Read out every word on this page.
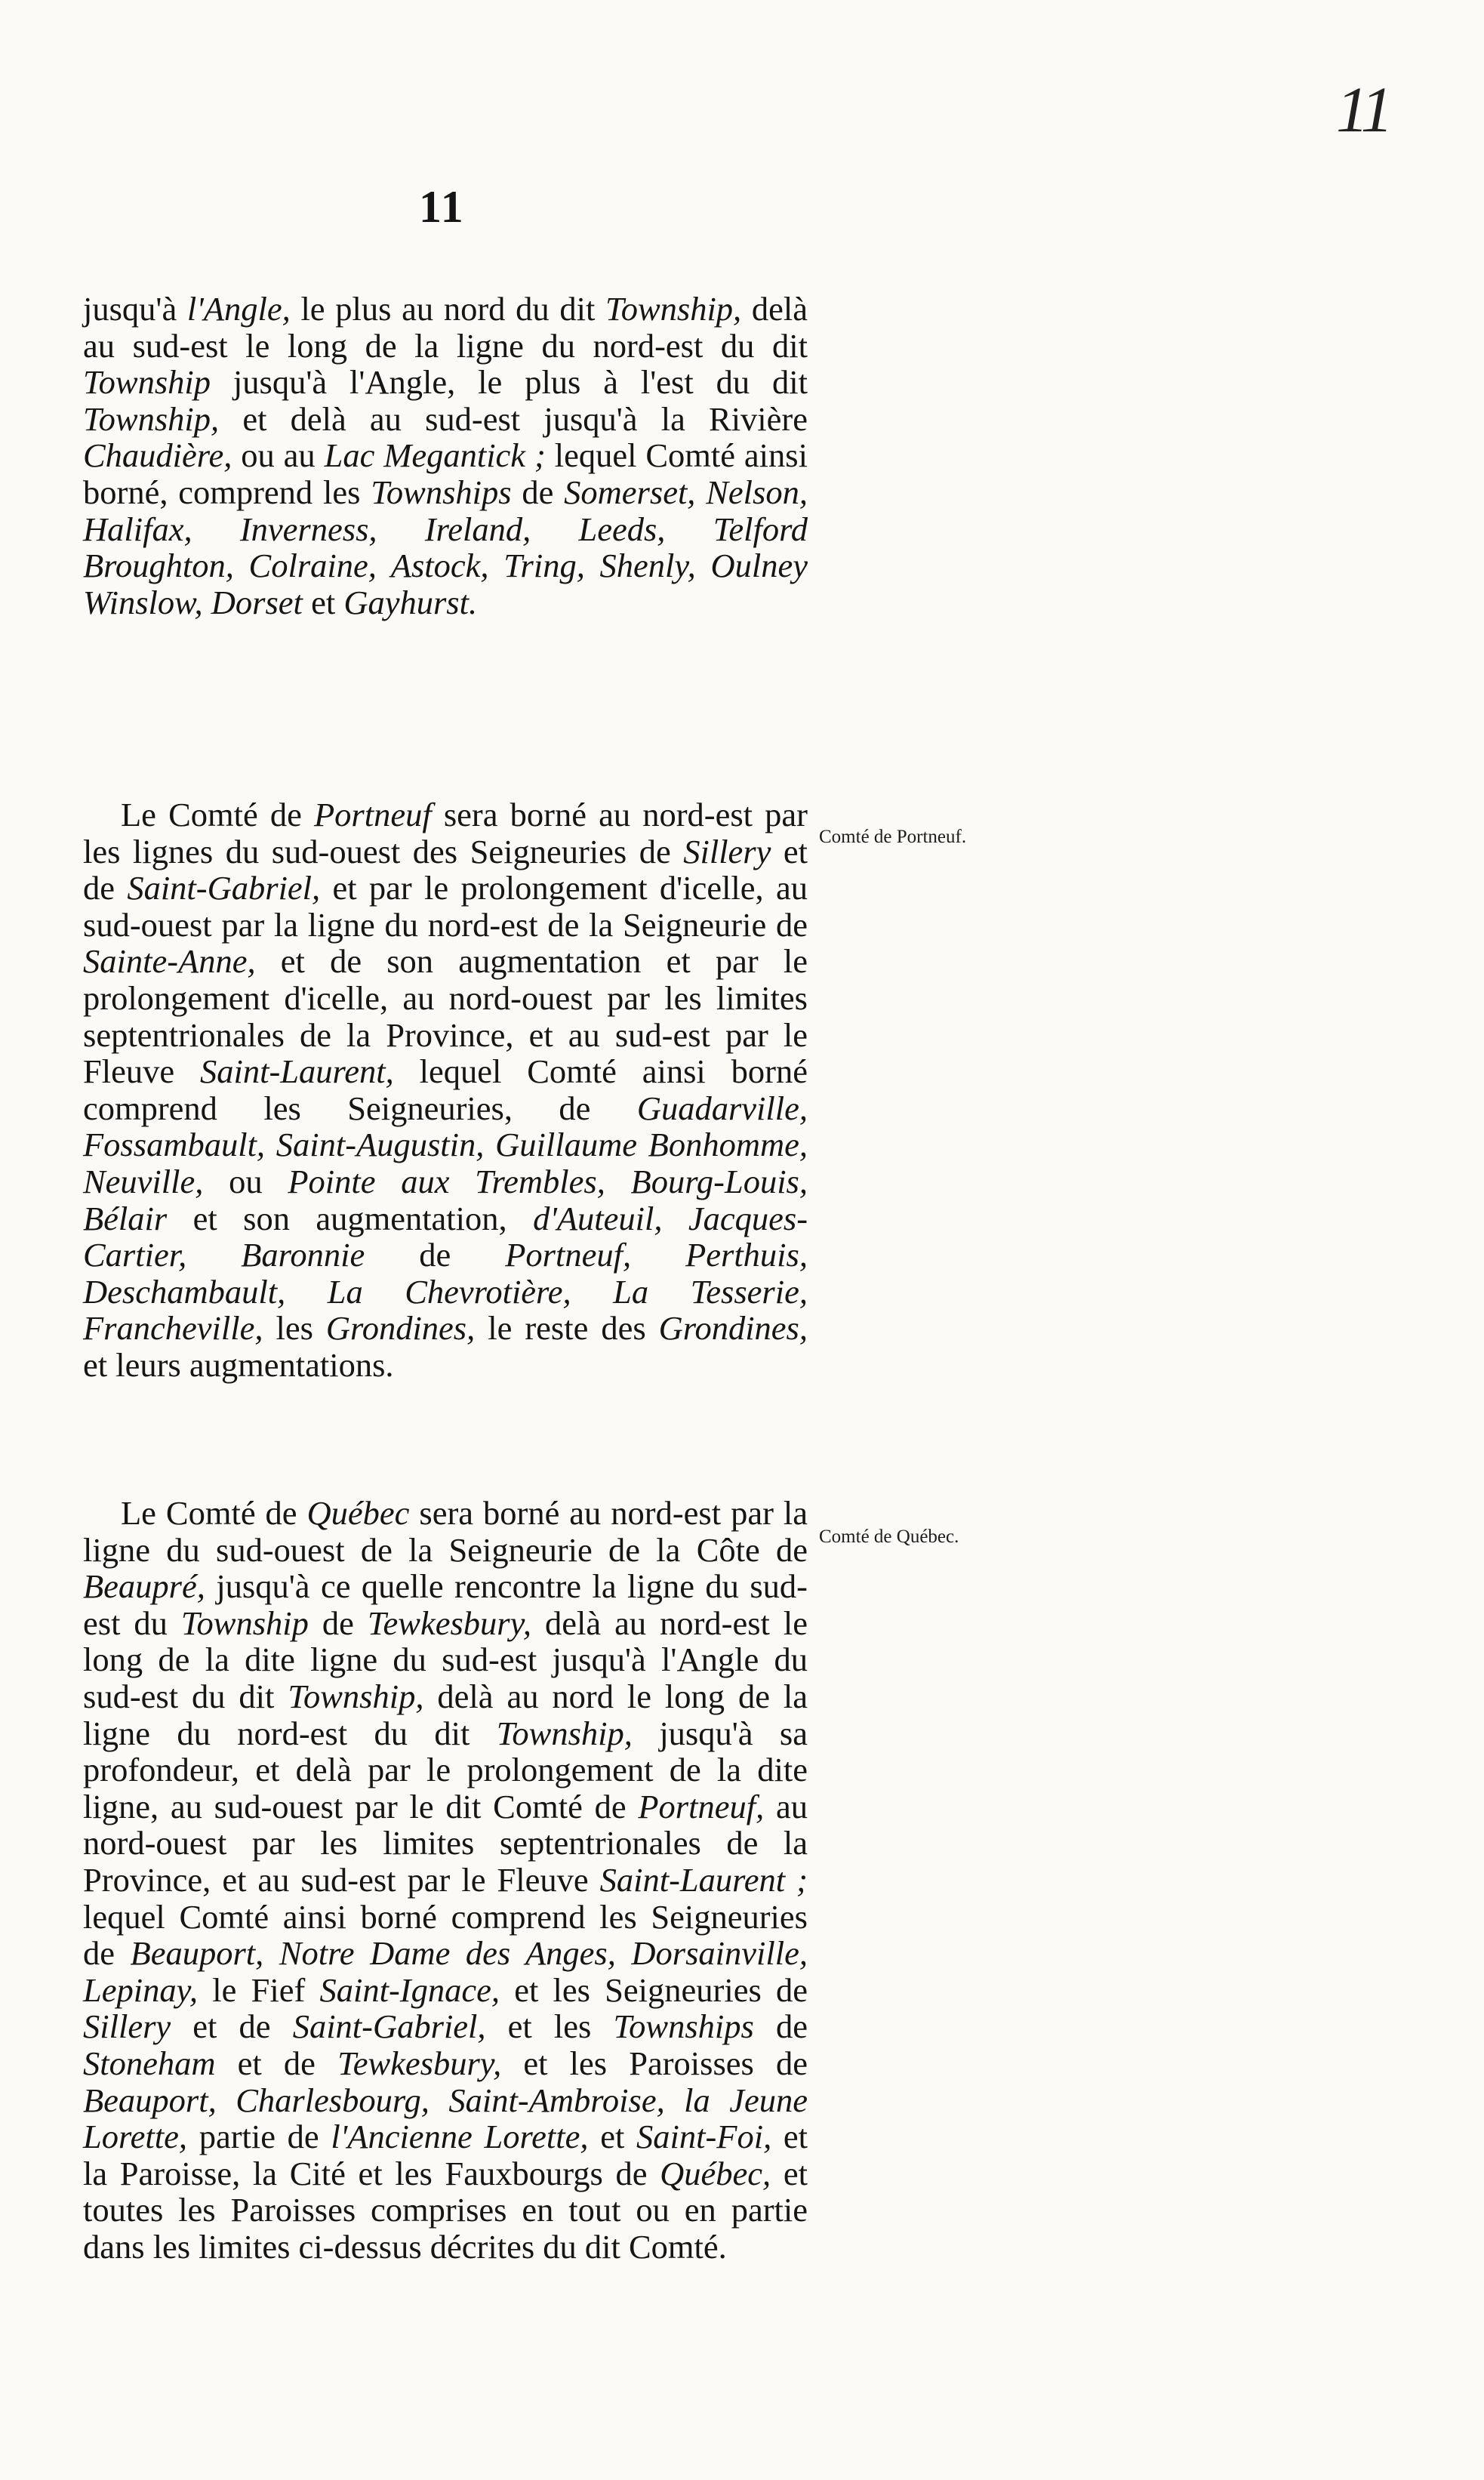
11
11

jusqu'à l'Angle, le plus au nord du dit Township, delà au sud-est le long de la ligne du nord-est du dit Township jusqu'à l'Angle, le plus à l'est du dit Township, et delà au sud-est jusqu'à la Rivière Chaudière, ou au Lac Megantick ; lequel Comté ainsi borné, comprend les Townships de Somerset, Nelson, Halifax, Inverness, Ireland, Leeds, Telford Broughton, Colraine, Astock, Tring, Shenly, Oulney Winslow, Dorset et Gayhurst.

Le Comté de Portneuf sera borné au nord-est par les lignes du sud-ouest des Seigneuries de Sillery et de Saint-Gabriel, et par le prolongement d'icelle, au sud-ouest par la ligne du nord-est de la Seigneurie de Sainte-Anne, et de son augmentation et par le prolongement d'icelle, au nord-ouest par les limites septentrionales de la Province, et au sud-est par le Fleuve Saint-Laurent, lequel Comté ainsi borné comprend les Seigneuries, de Guadarville, Fossambault, Saint-Augustin, Guillaume Bonhomme, Neuville, ou Pointe aux Trembles, Bourg-Louis, Bélair et son augmentation, d'Auteuil, Jacques-Cartier, Baronnie de Portneuf, Perthuis, Deschambault, La Chevrotière, La Tesserie, Francheville, les Grondines, le reste des Grondines, et leurs augmentations.

Comté de Portneuf.

Le Comté de Québec sera borné au nord-est par la ligne du sud-ouest de la Seigneurie de la Côte de Beaupré, jusqu'à ce quelle rencontre la ligne du sud-est du Township de Tewkesbury, delà au nord-est le long de la dite ligne du sud-est jusqu'à l'Angle du sud-est du dit Township, delà au nord le long de la ligne du nord-est du dit Township, jusqu'à sa profondeur, et delà par le prolongement de la dite ligne, au sud-ouest par le dit Comté de Portneuf, au nord-ouest par les limites septentrionales de la Province, et au sud-est par le Fleuve Saint-Laurent ; lequel Comté ainsi borné comprend les Seigneuries de Beauport, Notre Dame des Anges, Dorsainville, Lepinay, le Fief Saint-Ignace, et les Seigneuries de Sillery et de Saint-Gabriel, et les Townships de Stoneham et de Tewkesbury, et les Paroisses de Beauport, Charlesbourg, Saint-Ambroise, la Jeune Lorette, partie de l'Ancienne Lorette, et Saint-Foi, et la Paroisse, la Cité et les Fauxbourgs de Québec, et toutes les Paroisses comprises en tout ou en partie dans les limites ci-dessus décrites du dit Comté.

Comté de Québec.
